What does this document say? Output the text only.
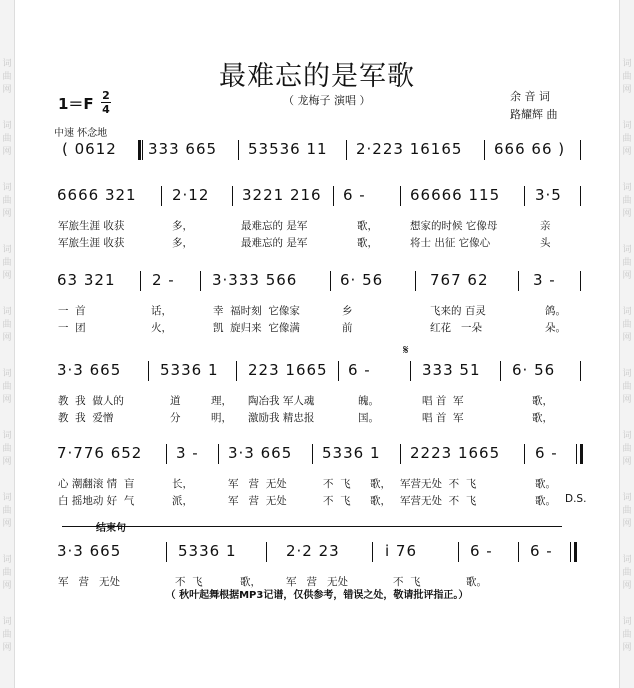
词
曲
网
词
曲
网
词
曲
网
词
曲
网
词
曲
网
词
曲
网
词
曲
网
词
曲
网
词
曲
网
词
曲
网
词
曲
网
词
曲
网
词
曲
网
词
曲
网
词
曲
网
词
曲
网
词
曲
网
词
曲
网
词
曲
网
词
曲
网
最难忘的是军歌
（ 龙梅子 演唱 ）	余 音 词
路耀辉 曲
1＝F 2
4
中速 怀念地
𝄋
结束句
( 0612 333 665 53536 11 2·223 16165 666 66 )
6666 321 2·12 3221 216 6 -	66666 115 3·5
军旅生涯 收获	多，	最难忘的 是军	歌，	想家的时候 它像母	亲
军旅生涯 收获	多，	最难忘的 是军	歌，	将士 出征 它像心	头
63 321 2 - 3·333 566	6· 56	767 62	3 -
一  首	话，	幸  福时刻  它像家	乡	飞来的 百灵	鸽。
一  团	火，	凯  旋归来  它像满	前	红花   一朵	朵。
3·3 665	5336 1 223 1665 6 -	333 51 6· 56
教  我  做人的	道	理， 陶冶我 军人魂	魄。	唱 首  军	歌，
教  我  爱憎	分	明， 激励我 精忠报	国。	唱 首  军	歌，
7·776 652 3 - 3·3 665 5336 1 2223 1665 6 -
心 潮翻滚 情  盲	长，	军   营  无处	不  飞 歌， 军营无处  不  飞	歌。
白 摇地动 好  气	派，	军   营  无处	不  飞 歌， 军营无处  不  飞	歌。 D.S.
3·3 665	5336 1	2·2 23	i 76	6 - 6 -
军   营   无处	不  飞	歌， 军   营   无处	不  飞	歌。
（ 秋叶起舞根据MP3记谱，仅供参考，错误之处，敬请批评指正。）
